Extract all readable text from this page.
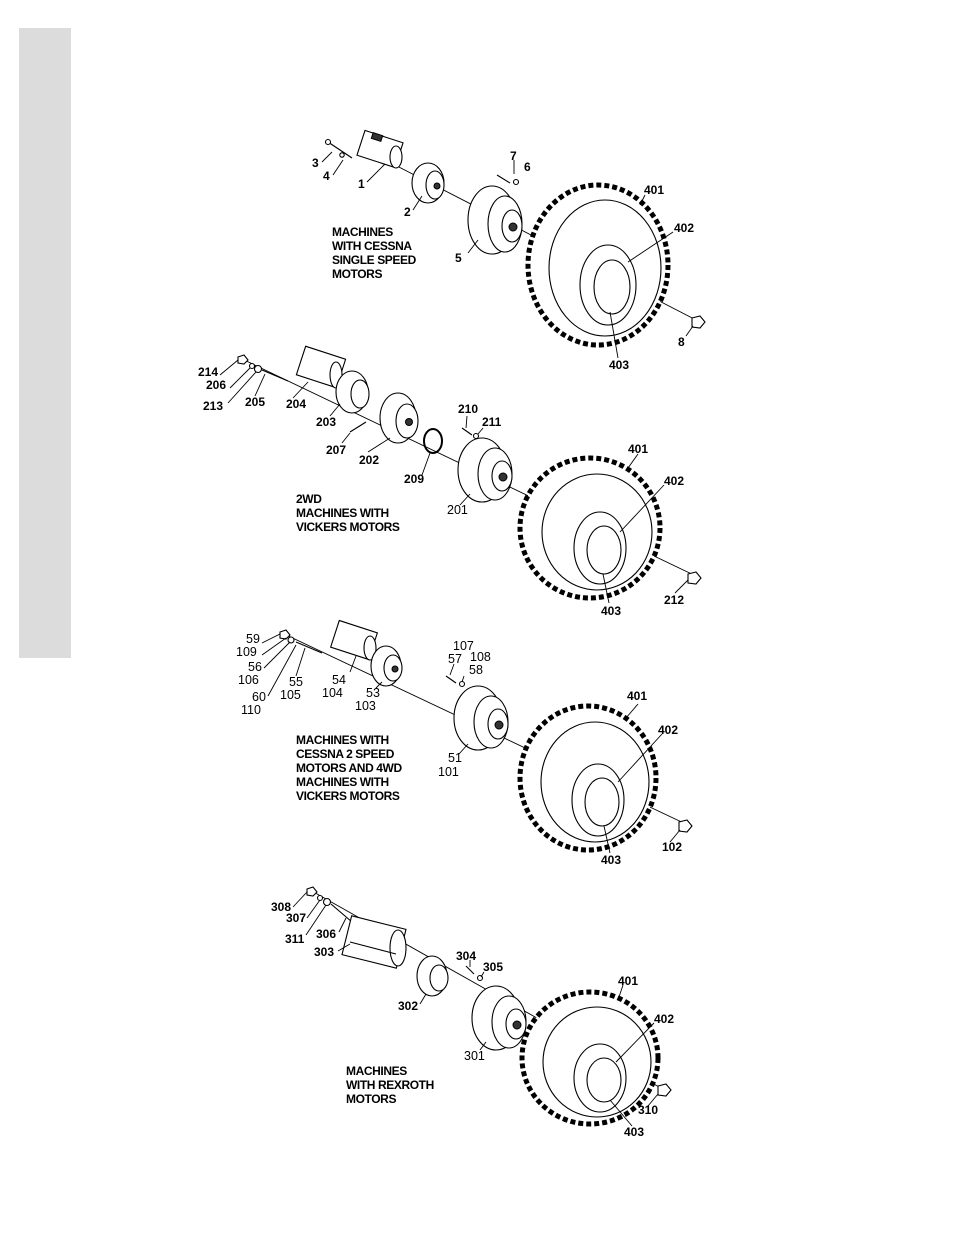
3
4
1
2
7
6
5
401
402
8
403
MACHINES
WITH CESSNA
SINGLE SPEED
MOTORS
214
206
213 205 204
203
207
202
210
211
209
201
401
402
403
212
2WD
MACHINES WITH
VICKERS MOTORS
59
109
56
106
60
110
55
105
54
104 53
103
107
57 108
58
51
101
401
402
403
102
MACHINES WITH
CESSNA 2 SPEED
MOTORS AND 4WD
MACHINES WITH
VICKERS MOTORS
308
307
311 306
303	304
305
302
301
401
402
310
403
MACHINES
WITH REXROTH
MOTORS
